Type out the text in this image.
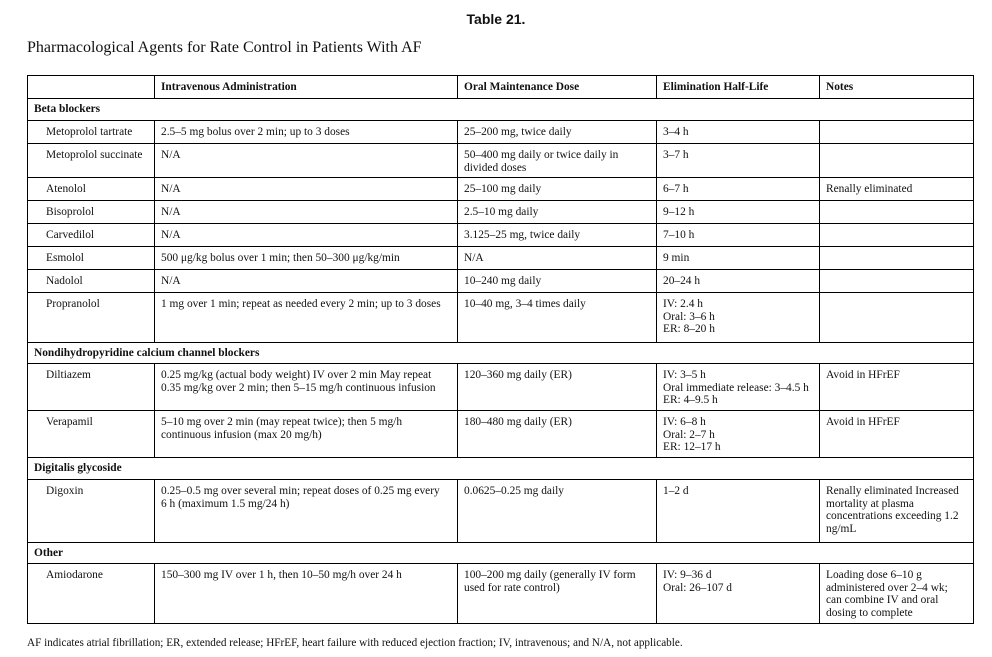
Table 21.
Pharmacological Agents for Rate Control in Patients With AF
	Intravenous Administration	Oral Maintenance Dose	Elimination Half-Life	Notes
Beta blockers				
Metoprolol tartrate	2.5–5 mg bolus over 2 min; up to 3 doses	25–200 mg, twice daily	3–4 h	

Metoprolol succinate	N/A	50–400 mg daily or twice daily in
divided doses	3–7 h	

Atenolol	N/A	25–100 mg daily	6–7 h	Renally eliminated

Bisoprolol	N/A	2.5–10 mg daily	9–12 h	

Carvedilol	N/A	3.125–25 mg, twice daily	7–10 h	

Esmolol	500 μg/kg bolus over 1 min; then 50–300 μg/kg/min	N/A	9 min	

Nadolol	N/A	10–240 mg daily	20–24 h	

Propranolol	1 mg over 1 min; repeat as needed every 2 min; up to 3 doses	10–40 mg, 3–4 times daily	IV: 2.4 h
Oral: 3–6 h
ER: 8–20 h	

Nondihydropyridine calcium channel blockers				
Diltiazem	0.25 mg/kg (actual body weight) IV over 2 min May repeat
0.35 mg/kg over 2 min; then 5–15 mg/h continuous infusion	120–360 mg daily (ER)	IV: 3–5 h
Oral immediate release: 3–4.5 h
ER: 4–9.5 h	Avoid in HFrEF

Verapamil	5–10 mg over 2 min (may repeat twice); then 5 mg/h
continuous infusion (max 20 mg/h)	180–480 mg daily (ER)	IV: 6–8 h
Oral: 2–7 h
ER: 12–17 h	Avoid in HFrEF

Digitalis glycoside				
Digoxin	0.25–0.5 mg over several min; repeat doses of 0.25 mg every
6 h (maximum 1.5 mg/24 h)	0.0625–0.25 mg daily	1–2 d	Renally eliminated Increased
mortality at plasma
concentrations exceeding 1.2
ng/mL

Other				
Amiodarone	150–300 mg IV over 1 h, then 10–50 mg/h over 24 h	100–200 mg daily (generally IV form
used for rate control)	IV: 9–36 d
Oral: 26–107 d	Loading dose 6–10 g
administered over 2–4 wk;
can combine IV and oral
dosing to complete
AF indicates atrial fibrillation; ER, extended release; HFrEF, heart failure with reduced ejection fraction; IV, intravenous; and N/A, not applicable.
